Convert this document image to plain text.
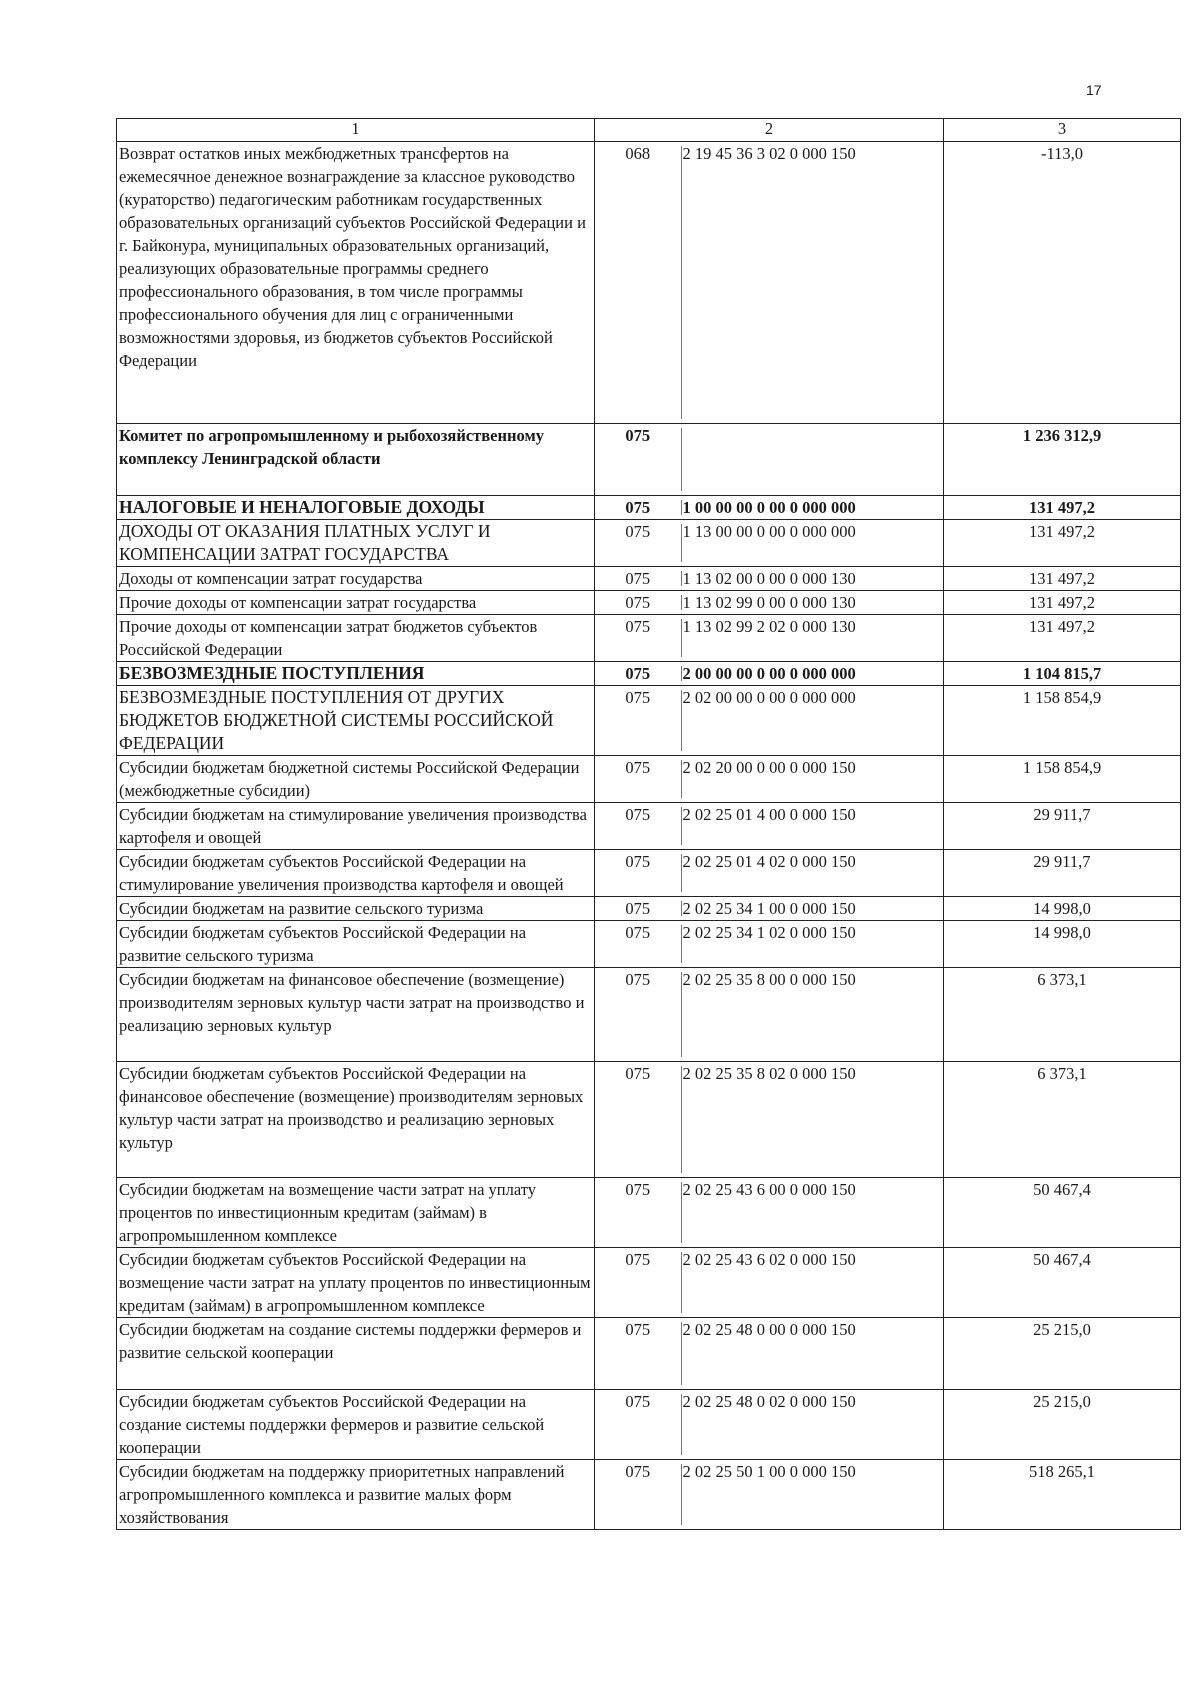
17
1	2		3
Возврат остатков иных межбюджетных трансфертов на ежемесячное денежное вознаграждение за классное руководство (кураторство) педагогическим работникам государственных образовательных организаций субъектов Российской Федерации и г. Байконура, муниципальных образовательных организаций, реализующих образовательные программы среднего профессионального образования, в том числе программы профессионального обучения для лиц с ограниченными возможностями здоровья, из бюджетов субъектов Российской Федерации	068	2 19 45 36 3 02 0 000 150	-113,0
Комитет по агропромышленному и рыбохозяйственному комплексу Ленинградской области	075		1 236 312,9
НАЛОГОВЫЕ И НЕНАЛОГОВЫЕ ДОХОДЫ	075	1 00 00 00 0 00 0 000 000	131 497,2
ДОХОДЫ ОТ ОКАЗАНИЯ ПЛАТНЫХ УСЛУГ И КОМПЕНСАЦИИ ЗАТРАТ ГОСУДАРСТВА	075	1 13 00 00 0 00 0 000 000	131 497,2
Доходы от компенсации затрат государства	075	1 13 02 00 0 00 0 000 130	131 497,2
Прочие доходы от компенсации затрат государства	075	1 13 02 99 0 00 0 000 130	131 497,2
Прочие доходы от компенсации затрат бюджетов субъектов Российской Федерации	075	1 13 02 99 2 02 0 000 130	131 497,2
БЕЗВОЗМЕЗДНЫЕ ПОСТУПЛЕНИЯ	075	2 00 00 00 0 00 0 000 000	1 104 815,7
БЕЗВОЗМЕЗДНЫЕ ПОСТУПЛЕНИЯ ОТ ДРУГИХ БЮДЖЕТОВ БЮДЖЕТНОЙ СИСТЕМЫ РОССИЙСКОЙ ФЕДЕРАЦИИ	075	2 02 00 00 0 00 0 000 000	1 158 854,9
Субсидии бюджетам бюджетной системы Российской Федерации (межбюджетные субсидии)	075	2 02 20 00 0 00 0 000 150	1 158 854,9
Субсидии бюджетам на стимулирование увеличения производства картофеля и овощей	075	2 02 25 01 4 00 0 000 150	29 911,7
Субсидии бюджетам субъектов Российской Федерации на стимулирование увеличения производства картофеля и овощей	075	2 02 25 01 4 02 0 000 150	29 911,7
Субсидии бюджетам на развитие сельского туризма	075	2 02 25 34 1 00 0 000 150	14 998,0
Субсидии бюджетам субъектов Российской Федерации на развитие сельского туризма	075	2 02 25 34 1 02 0 000 150	14 998,0
Субсидии бюджетам на финансовое обеспечение (возмещение) производителям зерновых культур части затрат на производство и реализацию зерновых культур	075	2 02 25 35 8 00 0 000 150	6 373,1
Субсидии бюджетам субъектов Российской Федерации на финансовое обеспечение (возмещение) производителям зерновых культур части затрат на производство и реализацию зерновых культур	075	2 02 25 35 8 02 0 000 150	6 373,1
Субсидии бюджетам на возмещение части затрат на уплату процентов по инвестиционным кредитам (займам) в агропромышленном комплексе	075	2 02 25 43 6 00 0 000 150	50 467,4
Субсидии бюджетам субъектов Российской Федерации на возмещение части затрат на уплату процентов по инвестиционным кредитам (займам) в агропромышленном комплексе	075	2 02 25 43 6 02 0 000 150	50 467,4
Субсидии бюджетам на создание системы поддержки фермеров и развитие сельской кооперации	075	2 02 25 48 0 00 0 000 150	25 215,0
Субсидии бюджетам субъектов Российской Федерации на создание системы поддержки фермеров и развитие сельской кооперации	075	2 02 25 48 0 02 0 000 150	25 215,0
Субсидии бюджетам на поддержку приоритетных направлений агропромышленного комплекса и развитие малых форм хозяйствования	075	2 02 25 50 1 00 0 000 150	518 265,1
